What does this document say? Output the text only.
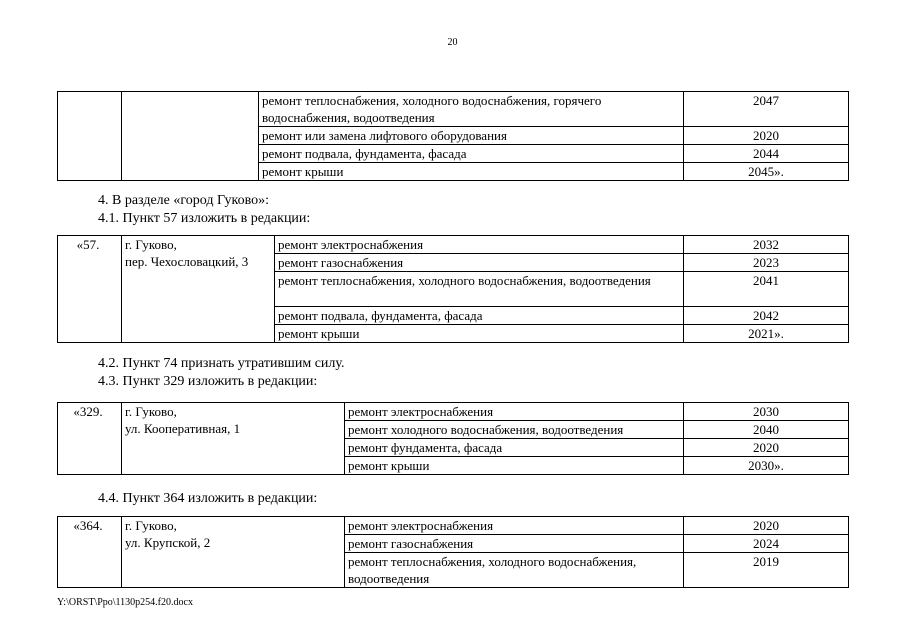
20
		ремонт теплоснабжения, холодного водоснабжения, горячего водоснабжения, водоотведения	2047
		ремонт или замена лифтового оборудования	2020
		ремонт подвала, фундамента, фасада	2044
		ремонт крыши	2045».
4. В разделе «город Гуково»:
4.1. Пункт 57 изложить в редакции:
«57.	г. Гуково,
пер. Чехословацкий, 3	ремонт электроснабжения	2032
		ремонт газоснабжения	2023
		ремонт теплоснабжения, холодного водоснабжения, водоотведения	2041
		ремонт подвала, фундамента, фасада	2042
		ремонт крыши	2021».
4.2. Пункт 74 признать утратившим силу.
4.3. Пункт 329 изложить в редакции:
«329.	г. Гуково,
ул. Кооперативная, 1	ремонт электроснабжения	2030
		ремонт холодного водоснабжения, водоотведения	2040
		ремонт фундамента, фасада	2020
		ремонт крыши	2030».
4.4. Пункт 364 изложить в редакции:
«364.	г. Гуково,
ул. Крупской, 2	ремонт электроснабжения	2020
		ремонт газоснабжения	2024
		ремонт теплоснабжения, холодного водоснабжения, водоотведения	2019
Y:\ORST\Ppo\1130p254.f20.docx
